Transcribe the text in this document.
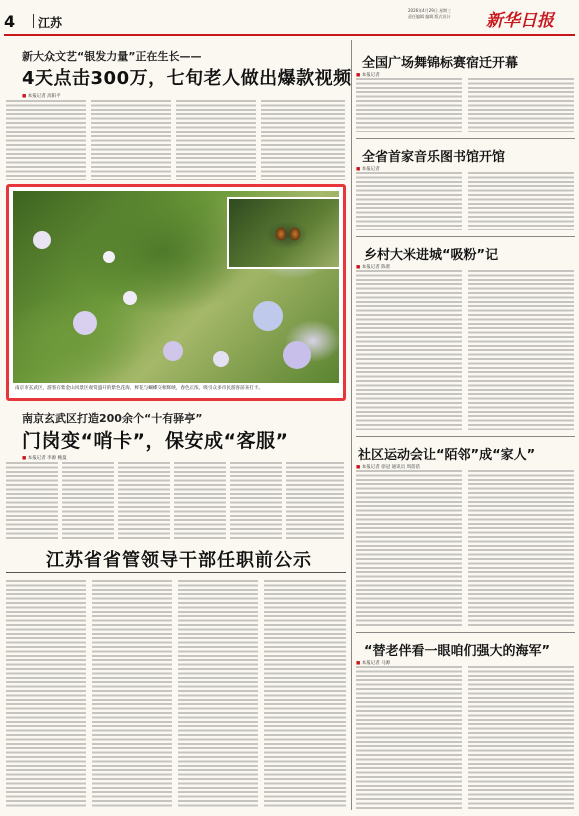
4 江苏
2026年4月29日 星期三
责任编辑 编辑 版式设计 新华日报
新大众文艺“银发力量”正在生长——
4天点击300万，七旬老人做出爆款视频
■ 本报记者 高阳平
南京市玄武区，游客在紫金山风景区观赏盛开的紫色花海，鲜花与蝴蝶交相辉映，春色正浓，吸引众多市民游客前来打卡。
南京玄武区打造200余个“十有驿亭”
门岗变“哨卡”，保安成“客服”
■ 本报记者 李源 鲍曼
江苏省省管领导干部任职前公示
全国广场舞锦标赛宿迁开幕
■ 本报记者
全省首家音乐图书馆开馆
■ 本报记者
乡村大米进城“吸粉”记
■ 本报记者 陈蕾
社区运动会让“陌邻”成“家人”
■ 本报记者 徐冠 通讯员 周蓓蓓
“替老伴看一眼咱们强大的海军”
■ 本报记者 马源
